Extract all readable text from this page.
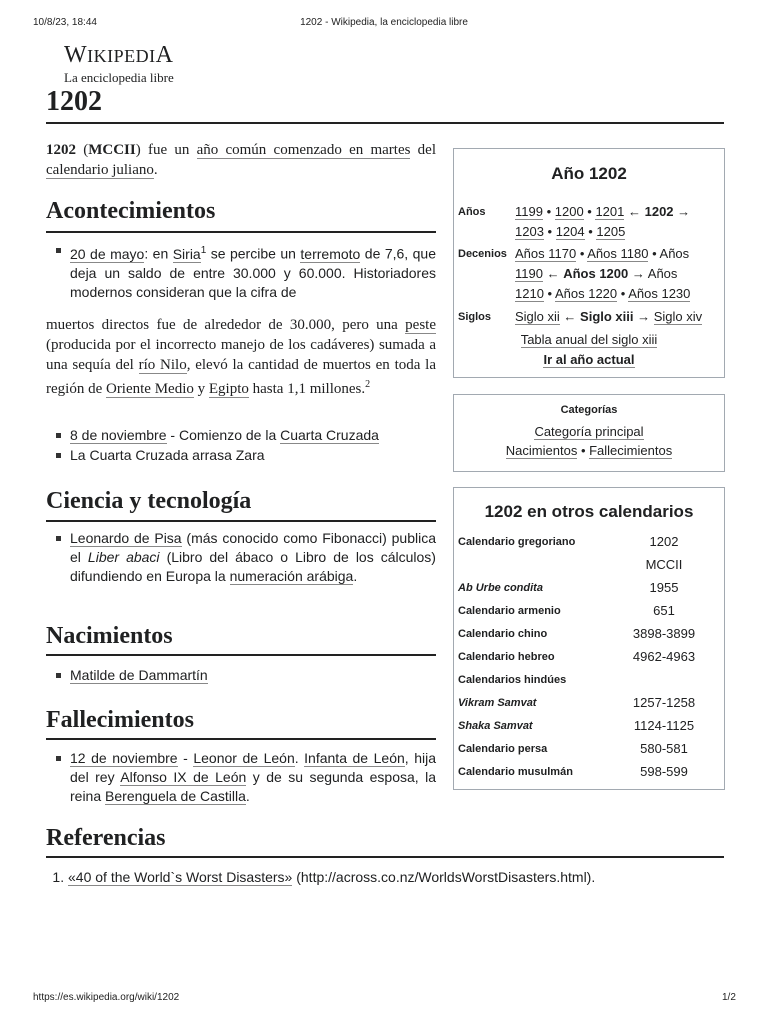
10/8/23, 18:44	1202 - Wikipedia, la enciclopedia libre
https://es.wikipedia.org/wiki/1202	1/2
WIKIPEDIA
La enciclopedia libre
1202
1202 (MCCII) fue un año común comenzado en martes del calendario juliano.
Acontecimientos
20 de mayo: en Siria$^1$ se percibe un terremoto de 7,6, que deja un saldo de entre 30.000 y 60.000. Historiadores modernos consideran que la cifra de
muertos directos fue de alrededor de 30.000, pero una peste (producida por el incorrecto manejo de los cadáveres) sumada a una sequía del río Nilo, elevó la cantidad de muertos en toda la región de Oriente Medio y Egipto hasta 1,1 millones.$^2$
8 de noviembre - Comienzo de la Cuarta Cruzada
La Cuarta Cruzada arrasa Zara
Ciencia y tecnología
Leonardo de Pisa (más conocido como Fibonacci) publica el Liber abaci (Libro del ábaco o Libro de los cálculos) difundiendo en Europa la numeración arábiga.
Nacimientos
Matilde de Dammartín
Fallecimientos
12 de noviembre - Leonor de León. Infanta de León, hija del rey Alfonso IX de León y de su segunda esposa, la reina Berenguela de Castilla.
Referencias
1. «40 of the World`s Worst Disasters» (http://across.co.nz/WorldsWorstDisasters.html).
Año 1202
Años 1199 • 1200 • 1201 ← 1202 →
1203 • 1204 • 1205
Decenios Años 1170 • Años 1180 • Años
1190 ← Años 1200 → Años
1210 • Años 1220 • Años 1230
Siglos Siglo xii ← Siglo xiii → Siglo xiv
Tabla anual del siglo xiii
Ir al año actual
Categorías
Categoría principal
Nacimientos • Fallecimientos
1202 en otros calendarios
Calendario gregoriano	1202
	MCCII
Ab Urbe condita	1955
Calendario armenio	651
Calendario chino	3898-3899
Calendario hebreo	4962-4963
Calendarios hindúes	
Vikram Samvat	1257-1258
Shaka Samvat	1124-1125
Calendario persa	580-581
Calendario musulmán	598-599
